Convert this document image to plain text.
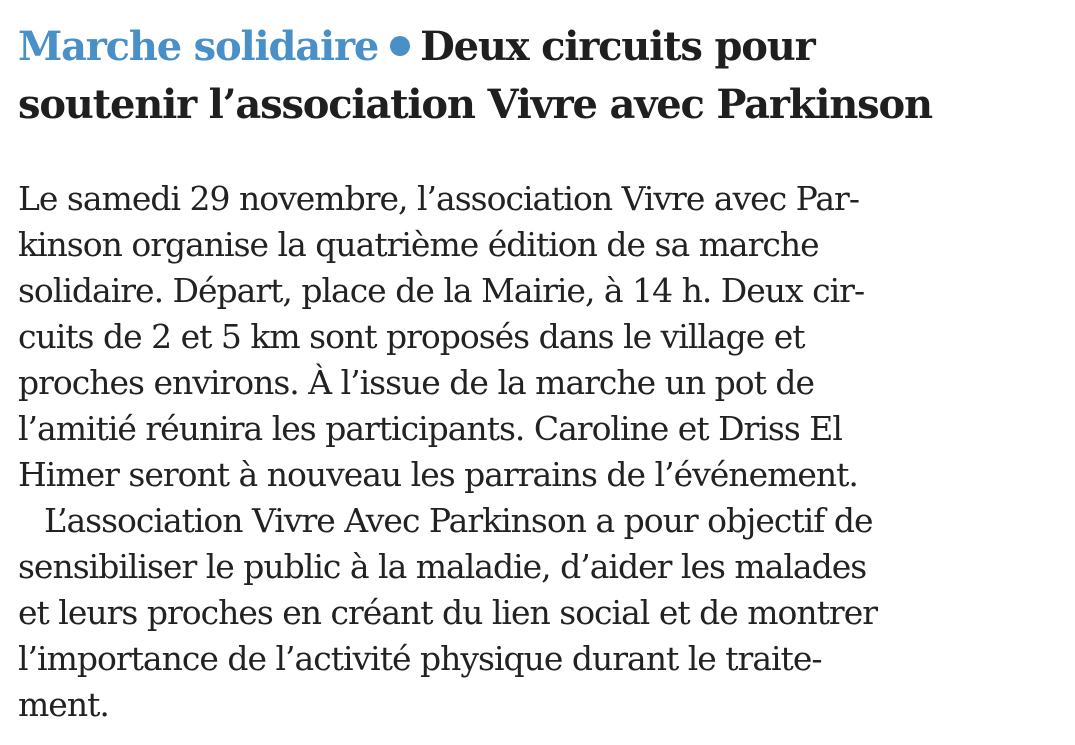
Marche solidaire Deux circuits pour
soutenir l’association Vivre avec Parkinson
Le samedi 29 novembre, l’association Vivre avec Par-
kinson organise la quatrième édition de sa marche
solidaire. Départ, place de la Mairie, à 14 h. Deux cir-
cuits de 2 et 5 km sont proposés dans le village et
proches environs. À l’issue de la marche un pot de
l’amitié réunira les participants. Caroline et Driss El
Himer seront à nouveau les parrains de l’événement.
L’association Vivre Avec Parkinson a pour objectif de
sensibiliser le public à la maladie, d’aider les malades
et leurs proches en créant du lien social et de montrer
l’importance de l’activité physique durant le traite-
ment.
